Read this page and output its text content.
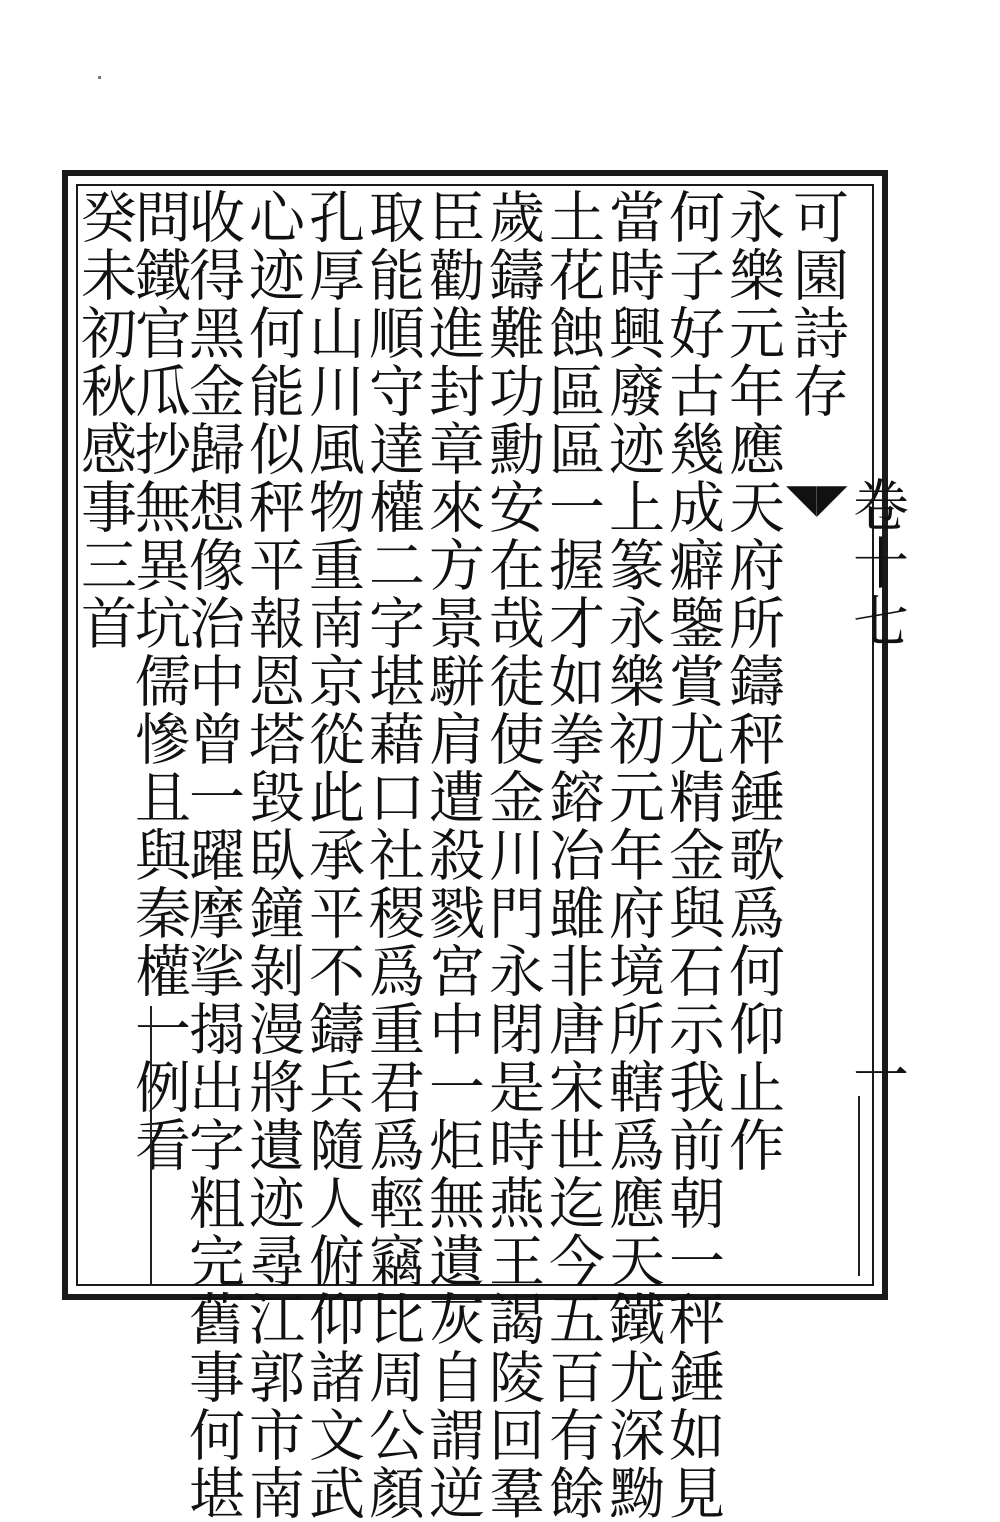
可園詩存
◥◤
卷十七
一
永樂元年應天府所鑄秤錘歌爲何仰止作
何子好古幾成癖鑒賞尤精金與石示我前朝一秤錘如見
當時興廢迹上篆永樂初元年府境所轄爲應天鐵尤深黝
土花蝕區區一握才如拳鎔冶雖非唐宋世迄今五百有餘
歲鑄難功勳安在哉徒使金川門永閉是時燕王謁陵回羣
臣勸進封章來方景駢肩遭殺戮宮中一炬無遺灰自謂逆
取能順守達權二字堪藉口社稷爲重君爲輕竊比周公顏
孔厚山川風物重南京從此承平不鑄兵隨人俯仰諸文武
心迹何能似秤平報恩塔毀臥鐘剝漫將遺迹尋江郭市南
收得黑金歸想像治中曾一躍摩挲搨出字粗完舊事何堪
問鐵官瓜抄無異坑儒慘且與秦權一例看
癸未初秋感事三首
